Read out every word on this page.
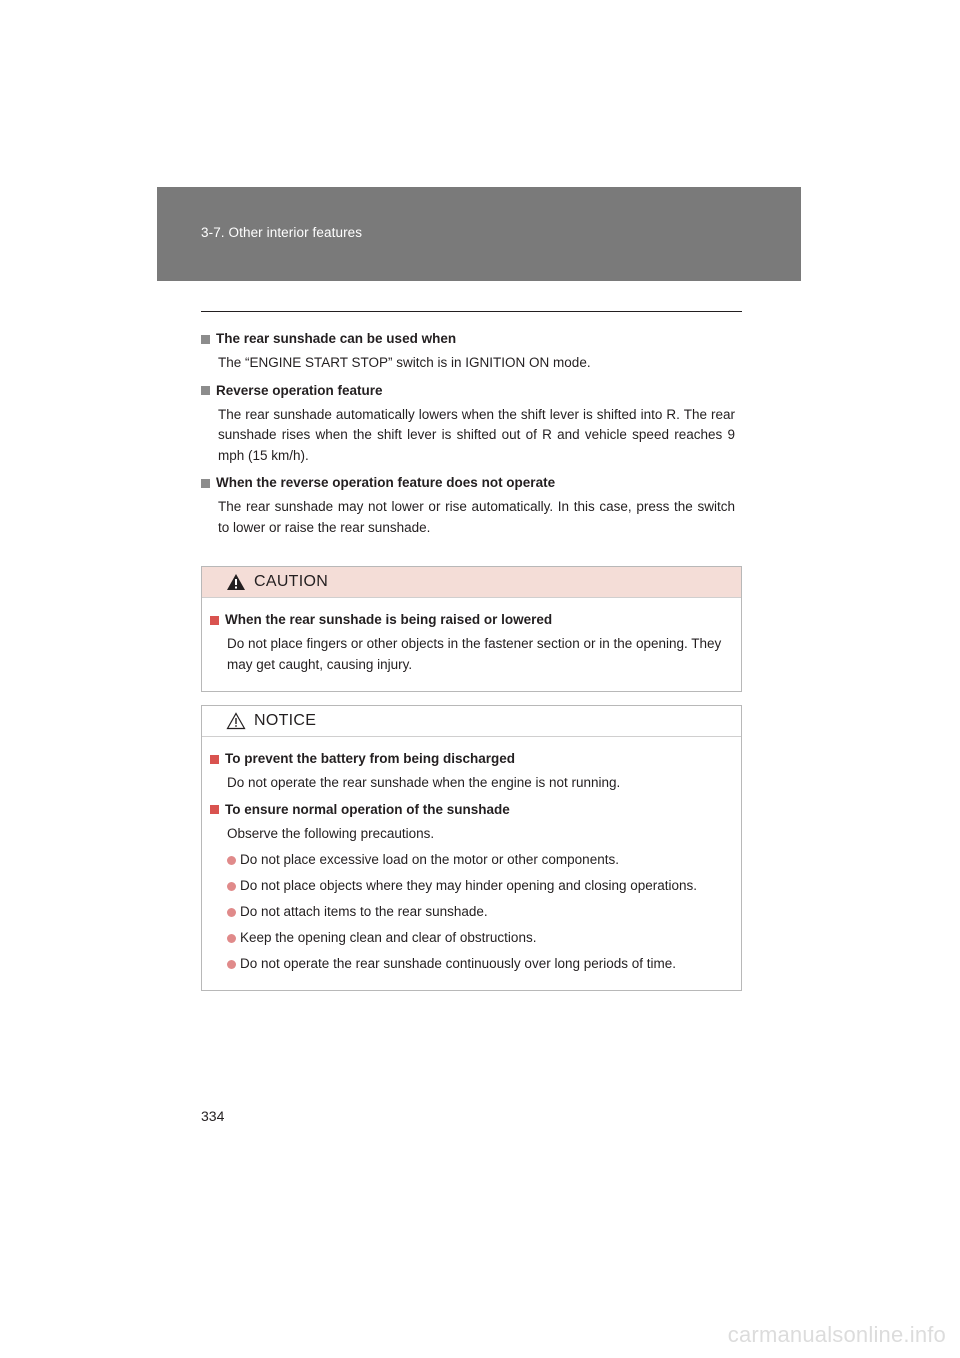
3-7. Other interior features
The rear sunshade can be used when
The “ENGINE START STOP” switch is in IGNITION ON mode.
Reverse operation feature
The rear sunshade automatically lowers when the shift lever is shifted into R. The rear sunshade rises when the shift lever is shifted out of R and vehicle speed reaches 9 mph (15 km/h).
When the reverse operation feature does not operate
The rear sunshade may not lower or rise automatically. In this case, press the switch to lower or raise the rear sunshade.
CAUTION
When the rear sunshade is being raised or lowered
Do not place fingers or other objects in the fastener section or in the opening. They may get caught, causing injury.
NOTICE
To prevent the battery from being discharged
Do not operate the rear sunshade when the engine is not running.
To ensure normal operation of the sunshade
Observe the following precautions.
Do not place excessive load on the motor or other components.
Do not place objects where they may hinder opening and closing operations.
Do not attach items to the rear sunshade.
Keep the opening clean and clear of obstructions.
Do not operate the rear sunshade continuously over long periods of time.
334
carmanualsonline.info
